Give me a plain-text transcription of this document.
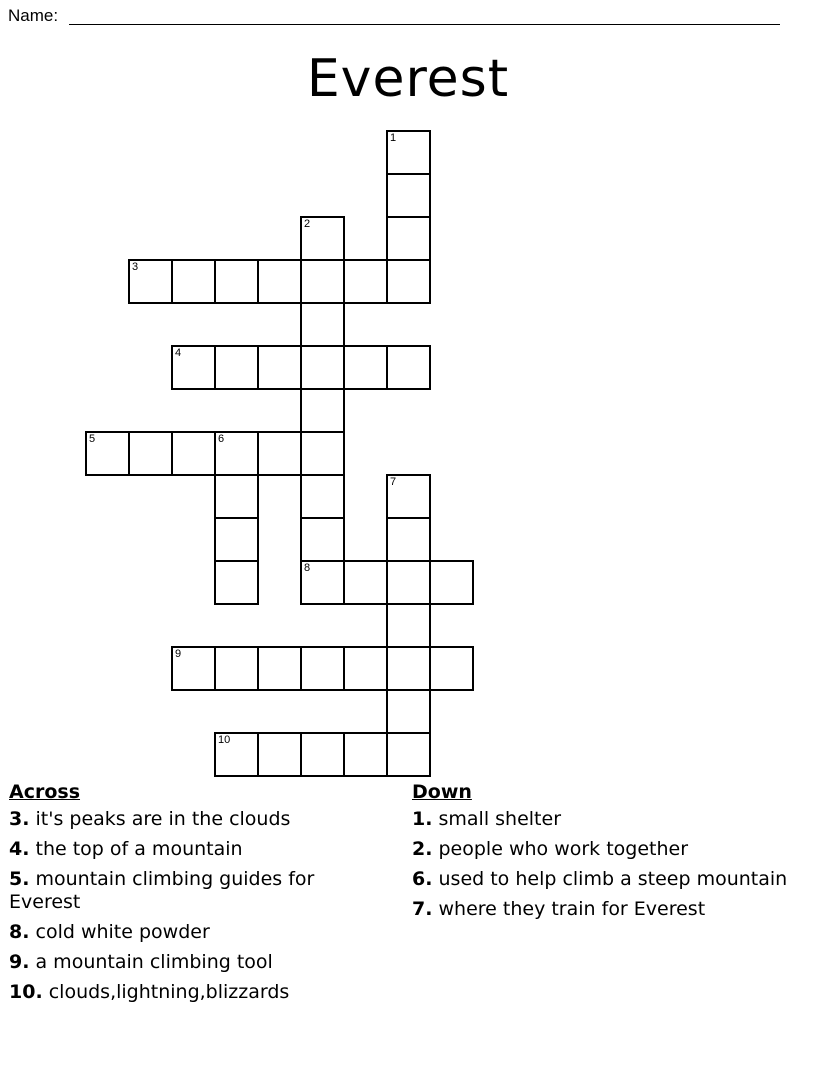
Name:
Everest
1
2
8
3
4
5	6
7
9
10
Across
3. it's peaks are in the clouds
4. the top of a mountain
5. mountain climbing guides for Everest
8. cold white powder
9. a mountain climbing tool
10. clouds,lightning,blizzards
Down
1. small shelter
2. people who work together
6. used to help climb a steep mountain
7. where they train for Everest
